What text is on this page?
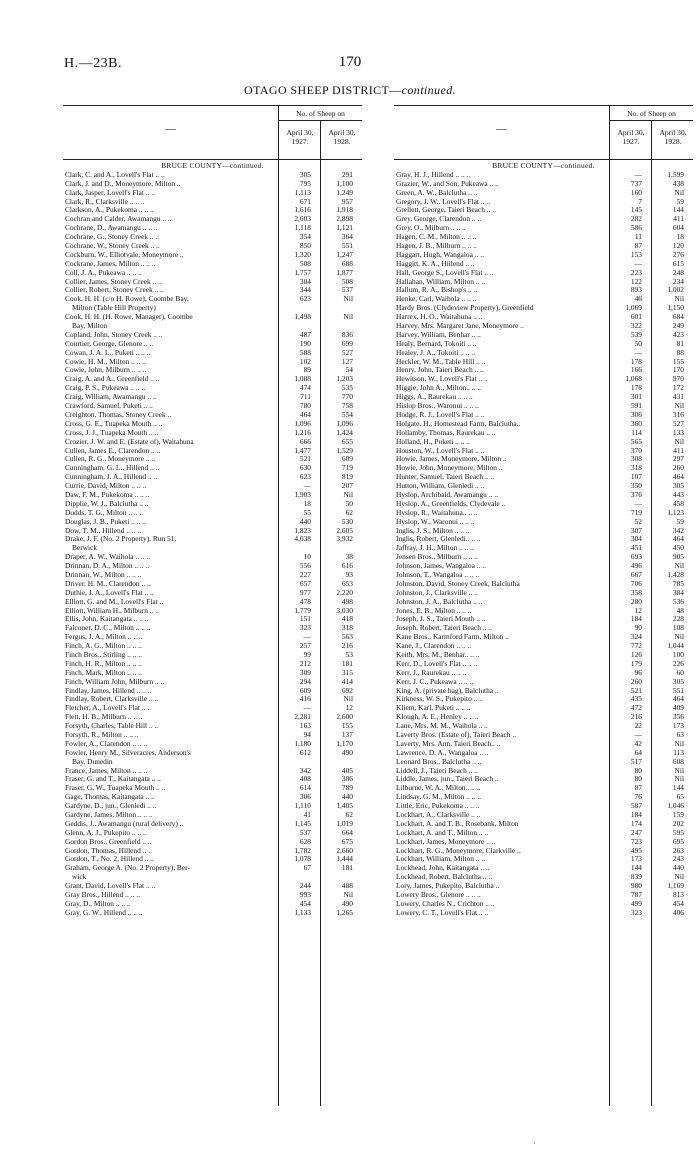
H.—23B.	170
OTAGO SHEEP DISTRICT—continued.
—
No. of Sheep on
April 30, 1927.
April 30, 1928.
BRUCE COUNTY—continued.
Clark, C. and A., Lovell's Flat .. ..	305	291
Clark, J. and D., Moneymore, Milton ..	795	1,100
Clark, Jasper, Lovell's Flat .. ..	1,113	1,249
Clark, R., Clarksville .. .. ..	671	957
Clarkson, A., Pukekoma .. .. ..	1,616	1,918
Cochran and Calder, Awamangu .. ..	2,603	2,898
Cochrane, D., Awamangu .. .. ..	1,118	1,121
Cochrane, G., Stoney Creek .. ..	354	364
Cochrane, W., Stoney Creek .. ..	850	551
Cockburn, W., Elliotvale, Moneymore ..	1,320	1,247
Cockrane, James, Milton .. .. ..	508	688
Coll, J. A., Pukeawa .. .. ..	1,757	1,877
Collier, James, Stoney Creek .. ..	304	508
Collier, Robert, Stoney Creek .. ..	344	537
Cook, H. H. (c/o H. Rowe), Coombe Bay,	623	Nil
Milton (Table Hill Property)
Cook, H. H. (H. Rowe, Manager), Coombe	1,498	Nil
Bay, Milton
Copland, John, Stoney Creek .. ..	487	836
Courtier, George, Glenore .. ..	190	699
Cowan, J. A. L., Puketi .. .. ..	588	527
Cowie, H. M., Milton .. .. ..	102	127
Cowie, John, Milburn .. .. ..	89	54
Craig, A. and A., Greenfield .. ..	1,088	1,203
Craig, P. S., Pukeawa .. .. ..	474	535
Craig, William, Awamangu .. ..	711	770
Crawford, Samuel, Puketi .. ..	780	758
Creighton, Thomas, Stoney Creek ..	464	554
Cross, G. E., Tuapeka Mouth .. ..	1,096	1,096
Cross, J. J., Tuapeka Mouth .. ..	1,216	1,424
Crozier, J. W. and E. (Estate of), Waitahuna	666	655
Cullen, James E., Clarendon .. ..	1,477	1,529
Cullen, R. G., Moneymore .. ..	521	609
Cunningham, G. L., Hillend .. ..	630	719
Cunningham, J. A., Hillend .. ..	623	819
Currie, David, Milton .. .. ..	—	207
Daw, F. M., Pukekoma .. .. ..	1,903	Nil
Dipplie, W. J., Balclutha .. ..	18	50
Dodds, T. G., Milton .. .. ..	55	62
Douglas, J. B., Puketi .. .. ..	440	530
Dow, T. M., Hillend .. .. ..	1,823	2,605
Drake, J. F. (No. 2 Property), Run 51,	4,038	3,932
Berwick
Draper, A. W., Waihola .. .. ..	10	38
Drinnan, D. A., Milton .. .. ..	556	616
Drinnan, W., Milton .. .. ..	227	93
Driver, H. M., Clarendon .. ..	657	653
Duthie, J. A., Lovell's Flat .. ..	977	2,220
Elliott, G. and M., Lovell's Flat ..	478	498
Elliott, William H., Milburn .. ..	1,779	3,030
Ellis, John, Kaitangata .. .. ..	151	418
Falconer, D. C., Milton .. .. ..	323	318
Fergus, J. A., Milton .. .. ..	—	563
Finch, A. G., Milton .. .. ..	257	216
Finch Bros., Stirling .. .. ..	99	53
Finch, H. R., Milton .. .. ..	212	181
Finch, Mark, Milton .. .. ..	309	315
Finch, William John, Milburn .. ..	294	414
Findlay, James, Hillend .. .. ..	609	692
Findlay, Robert, Clarksville .. ..	416	Nil
Fletcher, A., Lovell's Flat .. ..	—	12
Flett, H. B., Milburn .. .. ..	2,281	2,600
Forsyth, Charles, Table Hill .. ..	163	155
Forsyth, R., Milton .. .. ..	94	137
Fowler, A., Clarendon .. .. ..	1,180	1,170
Fowler, Henry M., Silveracres, Anderson's	612	490
Bay, Dunedin
France, James, Milton .. .. ..	342	405
Fraser, G. and T., Kaitangata .. ..	408	386
Fraser, G. W., Tuapeka Mouth .. ..	614	789
Gage, Thomas, Kaitangata .. ..	306	440
Gardyne, D., jun., Glenledi .. ..	1,110	1,405
Gardyne, James, Milton .. .. ..	41	62
Geddis, J., Awamangu (rural delivery) ..	1,145	1,019
Glenn, A. J., Pukepito .. .. ..	537	664
Gordon Bros., Greenfield .. ..	628	675
Gordon, Thomas, Hillend .. ..	1,782	2,660
Gordon, T., No. 2, Hillend .. ..	1,078	1,444
Graham, George A. (No. 2 Property), Ber-	67	181
wick
Grant, David, Lovell's Flat .. ..	244	488
Gray Bros., Hillend .. .. ..	993	Nil
Gray, D., Milton .. .. ..	454	490
Gray, G. W., Hillend .. .. ..	1,133	1,265
—
No. of Sheep on
April 30, 1927.
April 30, 1928.
BRUCE COUNTY—continued.
Gray, H. J., Hillend .. .. ..	—	1,599
Grazier, W., and Son, Pukeawa .. ..	737	438
Green, A. W., Balclutha .. ..	160	Nil
Gregory, J. W., Lovell's Flat .. ..	7	59
Grellett, George, Taieri Beach .. ..	145	144
Grey, George, Clarendon .. ..	282	411
Grey, O., Milburn .. .. ..	586	604
Hagen, C. M., Milton .. .. ..	11	18
Hagen, J. B., Milburn .. .. ..	87	120
Haggart, Hugh, Wangaloa .. ..	153	276
Haggitt, K. A., Hillend .. ..	—	615
Hall, George S., Lovell's Flat .. ..	223	248
Hallahan, William, Milton .. ..	122	234
Hallum, R. A., Bishop's .. ..	893	1,002
Henke, Carl, Waihola .. .. ..	46	Nil
Hardy Bros. (Clydeview Property), Greenfield	1,069	1,150
Harrex, H. O., Waitahuna .. ..	601	684
Harvey, Mrs. Margaret Jane, Moneymore ..	322	249
Harvey, William, Benhar .. ..	539	423
Healy, Bernard, Tokoiti .. ..	50	81
Healey, J. A., Tokoiti .. .. ..	—	88
Heckler, W. M., Table Hill .. ..	178	155
Henry, John, Taieri Beach .. ..	166	170
Hewitson, W., Lovell's Flat .. ..	1,068	970
Higgie, John A., Milton.. .. ..	178	172
Higgs, A., Raurekau .. .. ..	301	431
Hislop Bros., Waronui .. .. ..	591	Nil
Hodge, R. J., Lovell's Flat .. ..	306	316
Holgate, H., Homestead Farm, Balclutha..	360	527
Hollamby, Thomas, Raurekau .. ..	114	133
Holland, H., Puketi .. .. ..	565	Nil
Houston, W., Lovell's Flat .. ..	370	411
Howie, James, Moneymore, Milton ..	308	297
Howie, John, Moneymore, Milton ..	318	260
Hunter, Samuel, Taieri Beach .. ..	107	464
Hutton, William, Glenledi .. ..	350	305
Hyslop, Archibald, Awamangu .. ..	376	443
Hyslop, A., Greenfields, Clydevale ..	—	458
Hyslop, R., Waitahuna.. .. ..	719	1,123
Hyslop, W., Waronui .. .. ..	52	59
Inglis, J. S., Milton .. .. ..	307	342
Inglis, Robert, Glenledi.. .. ..	304	464
Jaffray, J. H., Milton .. .. ..	451	450
Jensen Bros., Milburn .. .. ..	693	905
Johnson, James, Wangaloa .. ..	496	Nil
Johnson, T., Wangaloa .. .. ..	667	1,428
Johnston, David, Stoney Creek, Balclutha	706	785
Johnston, J., Clarksville .. ..	358	384
Johnston, J. A., Balclutha .. ..	280	536
Jones, E. B., Milton .. .. ..	12	48
Joseph, J. S., Taieri Mouth .. ..	184	228
Joseph, Robert, Taieri Beach .. ..	90	108
Kane Bros., Karmford Farm, Milton ..	324	Nil
Kane, J., Clarendon .. .. ..	772	1,044
Keith, Mrs. M., Benhar.. .. ..	126	100
Kerr, D., Lovell's Flat .. .. ..	179	226
Kerr, J., Raurekau .. .. ..	96	60
Kerr, J. C., Pukeawa .. .. ..	260	305
King, A. (private bag), Balclutha ..	521	551
Kirkness, W. S., Pukepito .. ..	435	464
Kliem, Karl, Puketi .. .. ..	472	409
Klough, A. E., Henley .. .. ..	216	356
Lane, Mrs. M. M., Waihola .. ..	22	173
Laverty Bros. (Estate of), Taieri Beach ..	—	63
Laverty, Mrs. Ann, Taieri Beach.. ..	42	Nil
Lawrence, D. A., Wangaloa .. ..	64	113
Leonard Bros., Balclutha .. ..	517	608
Liddell, J., Taieri Beach .. ..	80	Nil
Liddle, James, jun., Taieri Beach ..	80	Nil
Lilburne, W. A., Milton.. .. ..	87	144
Lindsay, G. M., Milton .. .. ..	76	65
Little, Eric, Pukekoma .. .. ..	587	1,046
Lockhart, A., Clarksville .. ..	184	159
Lockhart, A. and T. B., Rosebank, Milton	174	202
Lockhart, A. and T., Milton .. ..	247	595
Lockhart, James, Moneymore .. ..	723	695
Lockhart, R. G., Moneymore, Clarkville ..	495	263
Lockhart, William, Milton .. ..	173	243
Lockhead, John, Kaitangata .. ..	144	440
Lockhead, Robert, Balclutha .. ..	839	Nil
Lory, James, Pukepito, Balclutha ..	980	1,169
Lowery Bros., Glenore .. .. ..	787	813
Lowery, Charles N., Crichton .. ..	499	454
Lowery, C. T., Lovell's Flat .. ..	323	406
·
